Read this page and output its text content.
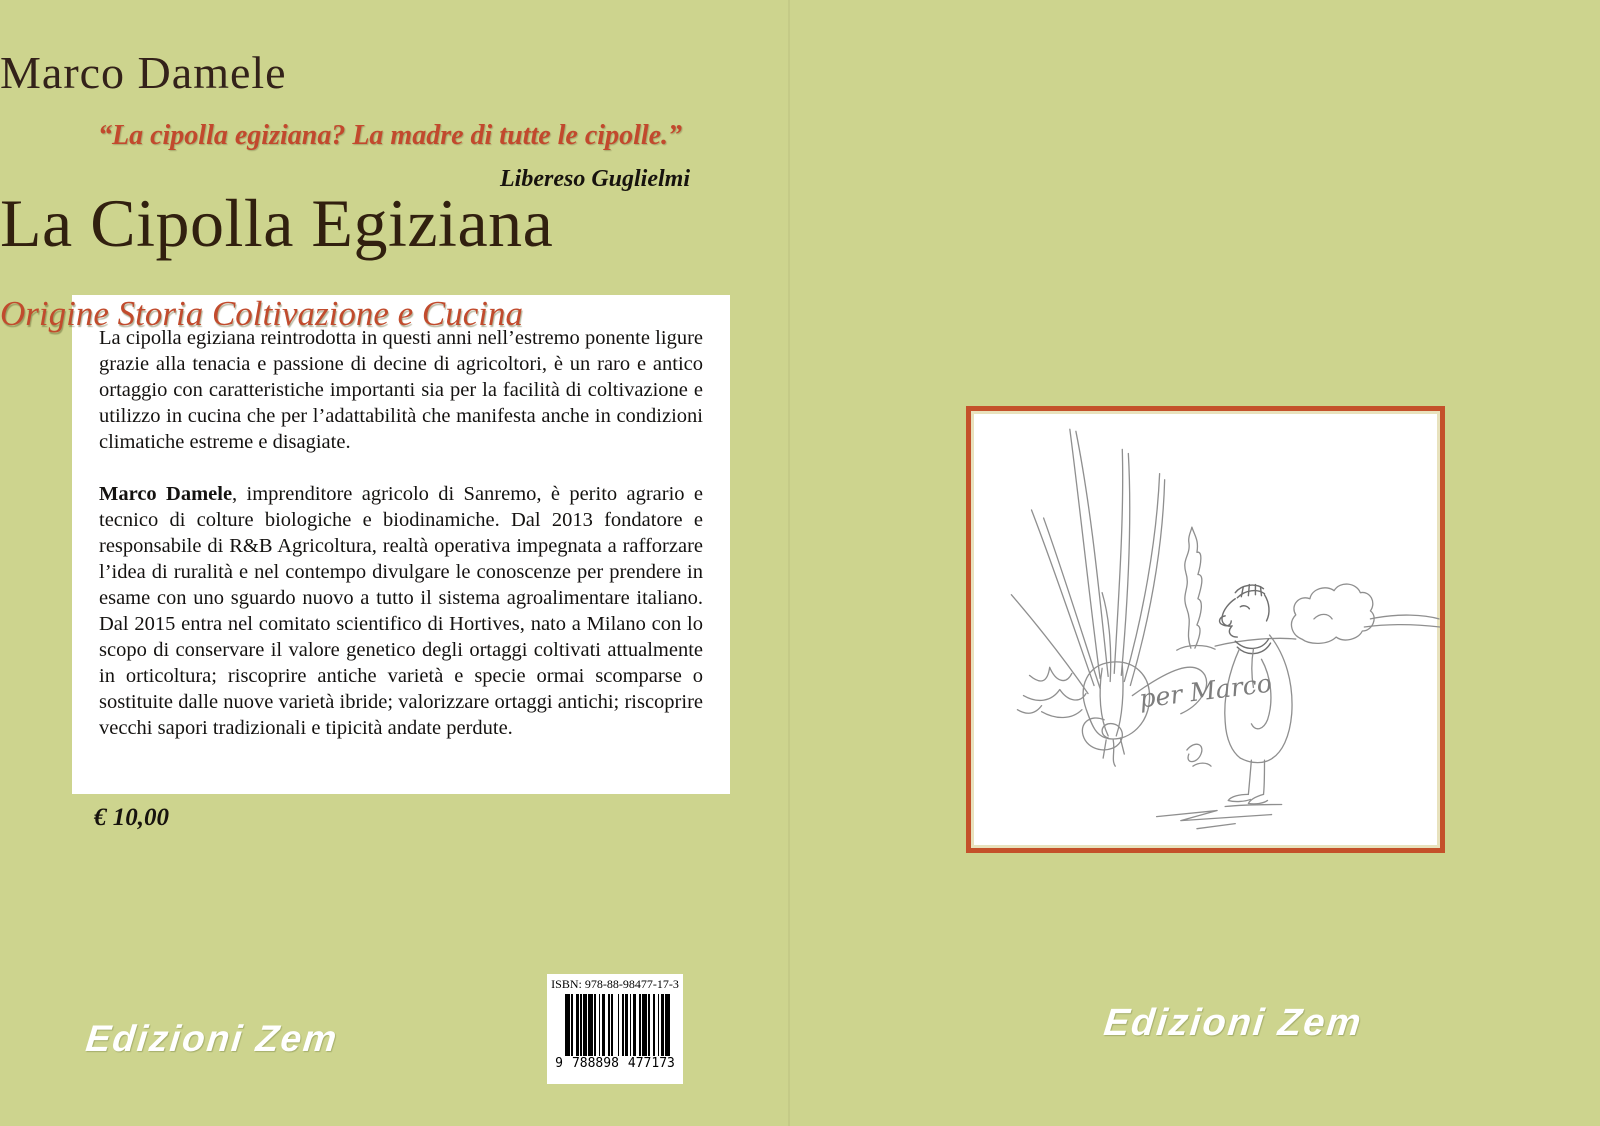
“La cipolla egiziana? La madre di tutte le cipolle.”
Libereso Guglielmi

La cipolla egiziana reintrodotta in questi anni nell’estremo ponente ligure grazie alla tenacia e passione di decine di agricoltori, è un raro e antico ortaggio con caratteristiche importanti sia per la facilità di coltivazione e utilizzo in cucina che per l’adattabilità che manifesta anche in condizioni climatiche estreme e disagiate.

Marco Damele, imprenditore agricolo di Sanremo, è perito agrario e tecnico di colture biologiche e biodinamiche. Dal 2013 fondatore e responsabile di R&B Agricoltura, realtà operativa impegnata a rafforzare l’idea di ruralità e nel contempo divulgare le conoscenze per prendere in esame con uno sguardo nuovo a tutto il sistema agroalimentare italiano. Dal 2015 entra nel comitato scientifico di Hortives, nato a Milano con lo scopo di conservare il valore genetico degli ortaggi coltivati attualmente in orticoltura; riscoprire antiche varietà e specie ormai scomparse o sostituite dalle nuove varietà ibride; valorizzare ortaggi antichi; riscoprire vecchi sapori tradizionali e tipicità andate perdute.

€ 10,00
ISBN: 978-88-98477-17-3
9 788898 477173
Edizioni Zem
Marco Damele
La Cipolla Egiziana
Origine Storia Coltivazione e Cucina
per Marco
Edizioni Zem
